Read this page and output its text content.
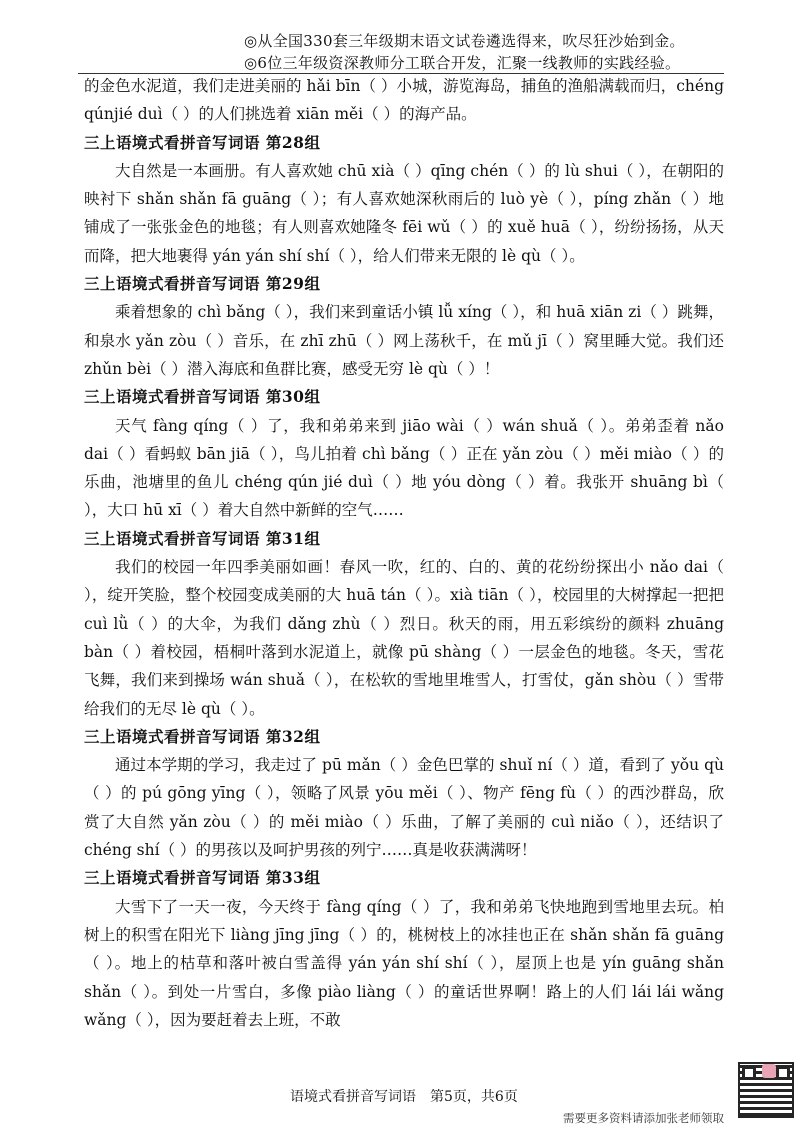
◎从全国330套三年级期末语文试卷遴选得来，吹尽狂沙始到金。
◎6位三年级资深教师分工联合开发，汇聚一线教师的实践经验。

的金色水泥道，我们走进美丽的 hǎi bīn（ ）小城，游览海岛，捕鱼的渔船满载而归，chéng qúnjié duì（ ）的人们挑选着 xiān měi（ ）的海产品。

三上语境式看拼音写词语 第28组

大自然是一本画册。有人喜欢她 chū xià（ ）qīng chén（ ）的 lù shui（ ），在朝阳的映衬下 shǎn shǎn fā guāng（ ）；有人喜欢她深秋雨后的 luò yè（ ），píng zhǎn（ ）地铺成了一张张金色的地毯；有人则喜欢她隆冬 fēi wǔ（ ）的 xuě huā（ ），纷纷扬扬，从天而降，把大地裹得 yán yán shí shí（ ），给人们带来无限的 lè qù（ ）。

三上语境式看拼音写词语 第29组

乘着想象的 chì bǎng（ ），我们来到童话小镇 lǚ xíng（ ），和 huā xiān zi（ ）跳舞，和泉水 yǎn zòu（ ）音乐，在 zhī zhū（ ）网上荡秋千，在 mǔ jī（ ）窝里睡大觉。我们还 zhǔn bèi（ ）潜入海底和鱼群比赛，感受无穷 lè qù（ ）！

三上语境式看拼音写词语 第30组

天气 fàng qíng（ ）了，我和弟弟来到 jiāo wài（ ）wán shuǎ（ ）。弟弟歪着 nǎo dai（ ）看蚂蚁 bān jiā（ ），鸟儿拍着 chì bǎng（ ）正在 yǎn zòu（ ）měi miào（ ）的乐曲，池塘里的鱼儿 chéng qún jié duì（ ）地 yóu dòng（ ）着。我张开 shuāng bì（ ），大口 hū xī（ ）着大自然中新鲜的空气……

三上语境式看拼音写词语 第31组

我们的校园一年四季美丽如画！春风一吹，红的、白的、黄的花纷纷探出小 nǎo dai（ ），绽开笑脸，整个校园变成美丽的大 huā tán（ ）。xià tiān（ ），校园里的大树撑起一把把 cuì lǜ（ ）的大伞，为我们 dǎng zhù（ ）烈日。秋天的雨，用五彩缤纷的颜料 zhuāng bàn（ ）着校园，梧桐叶落到水泥道上，就像 pū shàng（ ）一层金色的地毯。冬天，雪花飞舞，我们来到操场 wán shuǎ（ ），在松软的雪地里堆雪人，打雪仗，gǎn shòu（ ）雪带给我们的无尽 lè qù（ ）。

三上语境式看拼音写词语 第32组

通过本学期的学习，我走过了 pū mǎn（ ）金色巴掌的 shuǐ ní（ ）道，看到了 yǒu qù（ ）的 pú gōng yīng（ ），领略了风景 yōu měi（ ）、物产 fēng fù（ ）的西沙群岛，欣赏了大自然 yǎn zòu（ ）的 měi miào（ ）乐曲，了解了美丽的 cuì niǎo（ ），还结识了 chéng shí（ ）的男孩以及呵护男孩的列宁……真是收获满满呀！

三上语境式看拼音写词语 第33组

大雪下了一天一夜，今天终于 fàng qíng（ ）了，我和弟弟飞快地跑到雪地里去玩。柏树上的积雪在阳光下 liàng jīng jīng（ ）的，桃树枝上的冰挂也正在 shǎn shǎn fā guāng（ ）。地上的枯草和落叶被白雪盖得 yán yán shí shí（ ），屋顶上也是 yín guāng shǎn shǎn（ ）。到处一片雪白，多像 piào liàng（ ）的童话世界啊！路上的人们 lái lái wǎng wǎng（ ），因为要赶着去上班，不敢

语境式看拼音写词语　第5页，共6页
需要更多资料请添加张老师领取
